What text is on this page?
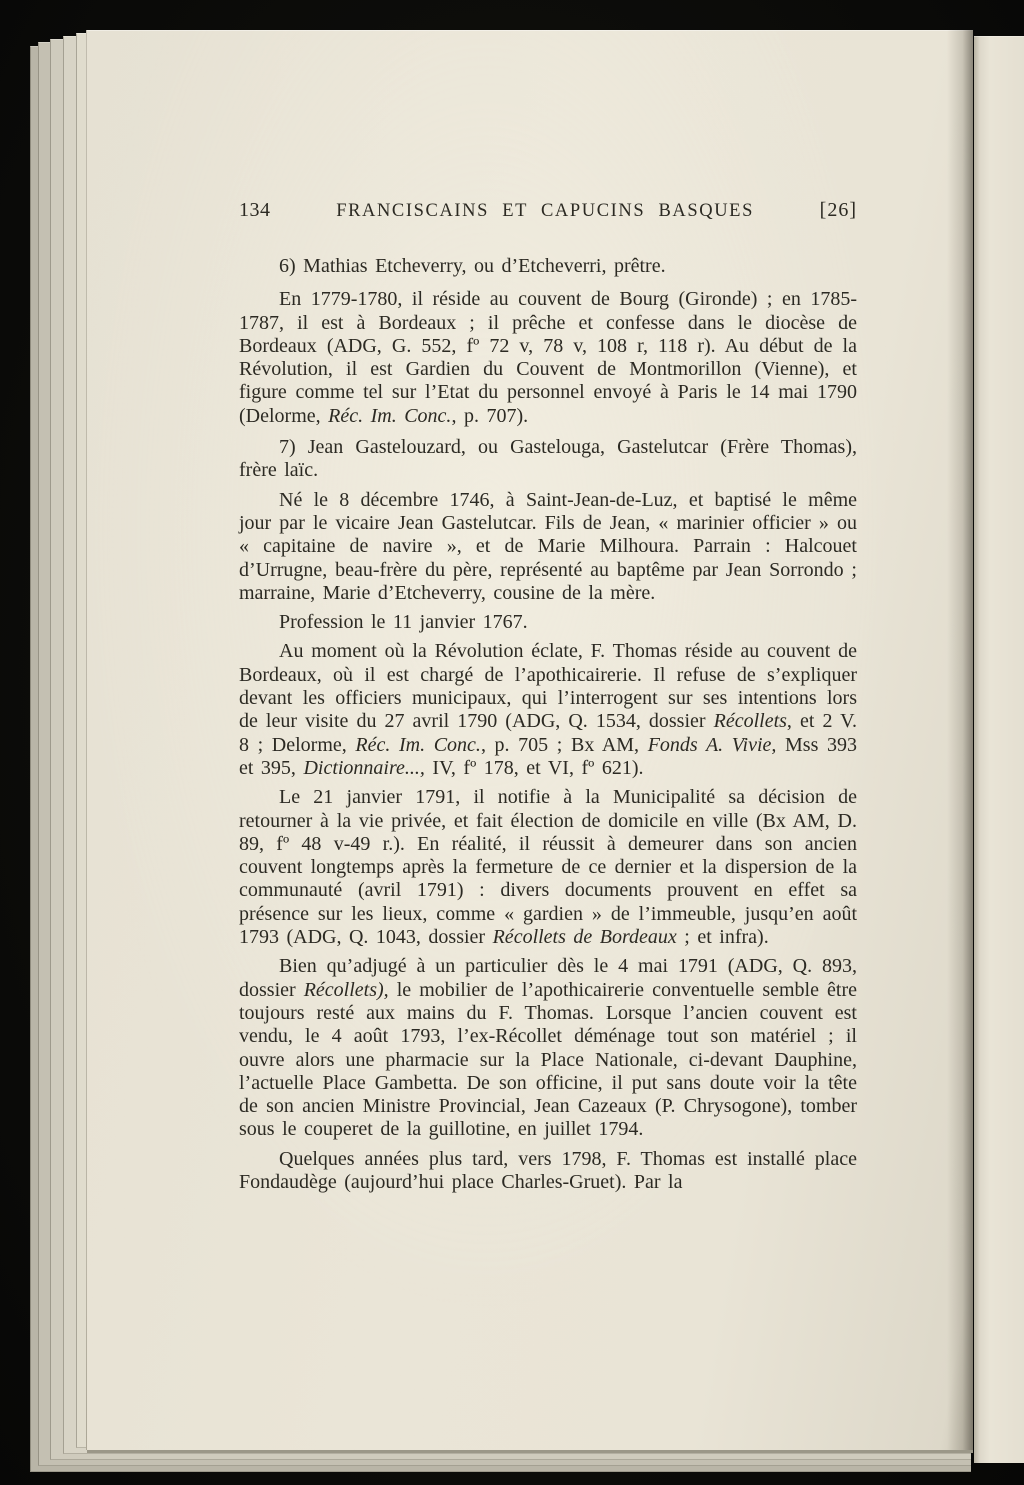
134	FRANCISCAINS ET CAPUCINS BASQUES	[26]

6) Mathias Etcheverry, ou d’Etcheverri, prêtre.

En 1779-1780, il réside au couvent de Bourg (Gironde) ; en 1785-1787, il est à Bordeaux ; il prêche et confesse dans le diocèse de Bordeaux (ADG, G. 552, fº 72 v, 78 v, 108 r, 118 r). Au début de la Révolution, il est Gardien du Couvent de Montmorillon (Vienne), et figure comme tel sur l’Etat du personnel envoyé à Paris le 14 mai 1790 (Delorme, Réc. Im. Conc., p. 707).

7) Jean Gastelouzard, ou Gastelouga, Gastelutcar (Frère Thomas), frère laïc.

Né le 8 décembre 1746, à Saint-Jean-de-Luz, et baptisé le même jour par le vicaire Jean Gastelutcar. Fils de Jean, « marinier officier » ou « capitaine de navire », et de Marie Milhoura. Parrain : Halcouet d’Urrugne, beau-frère du père, représenté au baptême par Jean Sorrondo ; marraine, Marie d’Etcheverry, cousine de la mère.

Profession le 11 janvier 1767.

Au moment où la Révolution éclate, F. Thomas réside au couvent de Bordeaux, où il est chargé de l’apothicairerie. Il refuse de s’expliquer devant les officiers municipaux, qui l’interrogent sur ses intentions lors de leur visite du 27 avril 1790 (ADG, Q. 1534, dossier Récollets, et 2 V. 8 ; Delorme, Réc. Im. Conc., p. 705 ; Bx AM, Fonds A. Vivie, Mss 393 et 395, Dictionnaire..., IV, fº 178, et VI, fº 621).

Le 21 janvier 1791, il notifie à la Municipalité sa décision de retourner à la vie privée, et fait élection de domicile en ville (Bx AM, D. 89, fº 48 v-49 r.). En réalité, il réussit à demeurer dans son ancien couvent longtemps après la fermeture de ce dernier et la dispersion de la communauté (avril 1791) : divers documents prouvent en effet sa présence sur les lieux, comme « gardien » de l’immeuble, jusqu’en août 1793 (ADG, Q. 1043, dossier Récollets de Bordeaux ; et infra).

Bien qu’adjugé à un particulier dès le 4 mai 1791 (ADG, Q. 893, dossier Récollets), le mobilier de l’apothicairerie conventuelle semble être toujours resté aux mains du F. Thomas. Lorsque l’ancien couvent est vendu, le 4 août 1793, l’ex-Récollet déménage tout son matériel ; il ouvre alors une pharmacie sur la Place Nationale, ci-devant Dauphine, l’actuelle Place Gambetta. De son officine, il put sans doute voir la tête de son ancien Ministre Provincial, Jean Cazeaux (P. Chrysogone), tomber sous le couperet de la guillotine, en juillet 1794.

Quelques années plus tard, vers 1798, F. Thomas est installé place Fondaudège (aujourd’hui place Charles-Gruet). Par la
